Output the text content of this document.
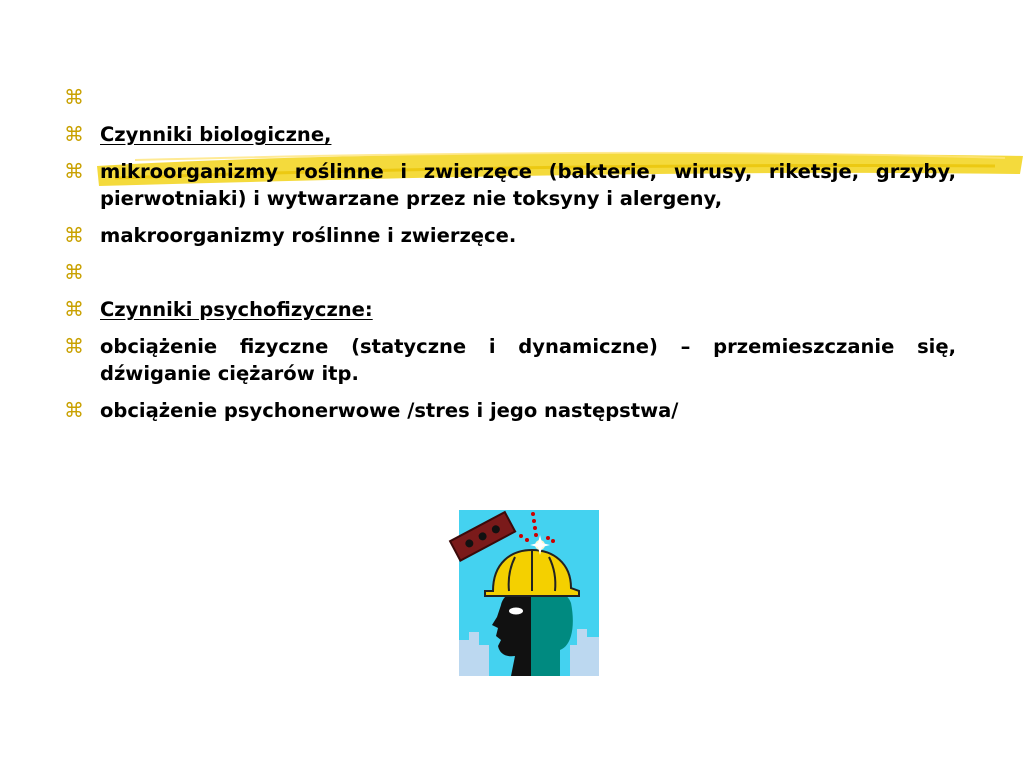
⌘

⌘ Czynniki biologiczne,
⌘ mikroorganizmy roślinne i zwierzęce (bakterie, wirusy, riketsje, grzyby, pierwotniaki) i wytwarzane przez nie toksyny i alergeny,
⌘ makroorganizmy roślinne i zwierzęce.
⌘

⌘ Czynniki psychofizyczne:
⌘ obciążenie fizyczne (statyczne i dynamiczne) – przemieszczanie się, dźwiganie ciężarów itp.
⌘ obciążenie psychonerwowe /stres i jego następstwa/
